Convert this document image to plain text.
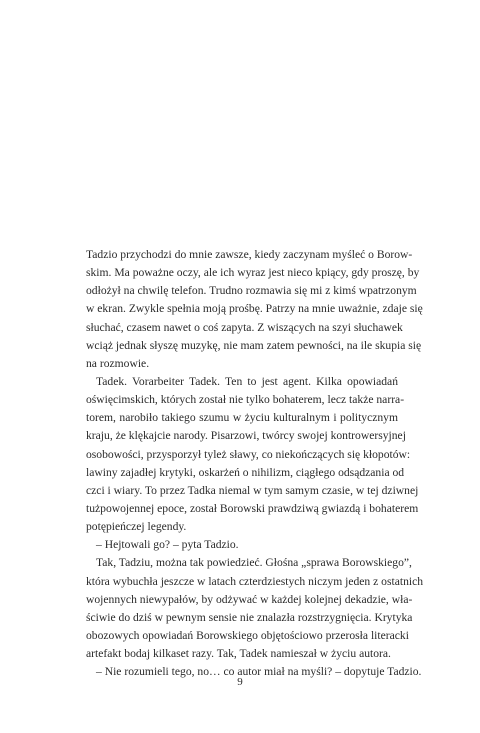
Tadzio przychodzi do mnie zawsze, kiedy zaczynam myśleć o Borow-
skim. Ma poważne oczy, ale ich wyraz jest nieco kpiący, gdy proszę, by
odłożył na chwilę telefon. Trudno rozmawia się mi z kimś wpatrzonym
w ekran. Zwykle spełnia moją prośbę. Patrzy na mnie uważnie, zdaje się
słuchać, czasem nawet o coś zapyta. Z wiszących na szyi słuchawek
wciąż jednak słyszę muzykę, nie mam zatem pewności, na ile skupia się
na rozmowie.
Tadek. Vorarbeiter Tadek. Ten to jest agent. Kilka opowiadań
oświęcimskich, których został nie tylko bohaterem, lecz także narra-
torem, narobiło takiego szumu w życiu kulturalnym i politycznym
kraju, że klękajcie narody. Pisarzowi, twórcy swojej kontrowersyjnej
osobowości, przysporzył tyleż sławy, co niekończących się kłopotów:
lawiny zajadłej krytyki, oskarżeń o nihilizm, ciągłego odsądzania od
czci i wiary. To przez Tadka niemal w tym samym czasie, w tej dziwnej
tużpowojennej epoce, został Borowski prawdziwą gwiazdą i bohaterem
potępieńczej legendy.
– Hejtowali go? – pyta Tadzio.
Tak, Tadziu, można tak powiedzieć. Głośna „sprawa Borowskiego”,
która wybuchła jeszcze w latach czterdziestych niczym jeden z ostatnich
wojennych niewypałów, by odżywać w każdej kolejnej dekadzie, wła-
ściwie do dziś w pewnym sensie nie znalazła rozstrzygnięcia. Krytyka
obozowych opowiadań Borowskiego objętościowo przerosła literacki
artefakt bodaj kilkaset razy. Tak, Tadek namieszał w życiu autora.
– Nie rozumieli tego, no… co autor miał na myśli? – dopytuje Tadzio.
9
